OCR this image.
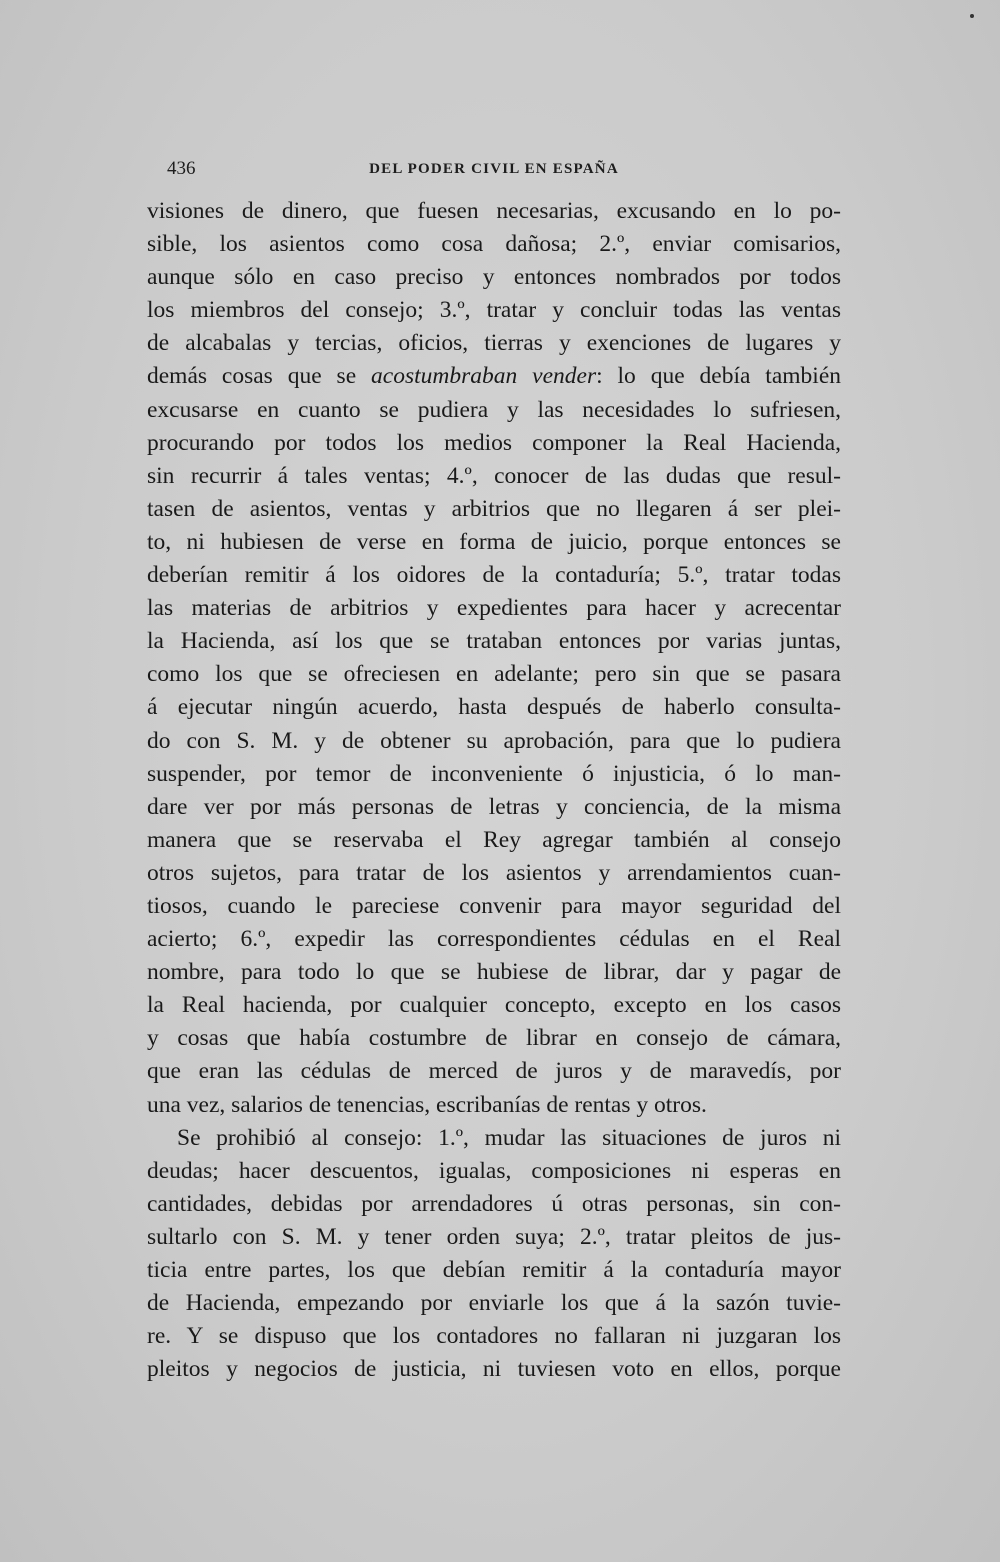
436	DEL PODER CIVIL EN ESPAÑA
visiones de dinero, que fuesen necesarias, excusando en lo po-
sible, los asientos como cosa dañosa; 2.º, enviar comisarios,
aunque sólo en caso preciso y entonces nombrados por todos
los miembros del consejo; 3.º, tratar y concluir todas las ventas
de alcabalas y tercias, oficios, tierras y exenciones de lugares y
demás cosas que se acostumbraban vender: lo que debía también
excusarse en cuanto se pudiera y las necesidades lo sufriesen,
procurando por todos los medios componer la Real Hacienda,
sin recurrir á tales ventas; 4.º, conocer de las dudas que resul-
tasen de asientos, ventas y arbitrios que no llegaren á ser plei-
to, ni hubiesen de verse en forma de juicio, porque entonces se
deberían remitir á los oidores de la contaduría; 5.º, tratar todas
las materias de arbitrios y expedientes para hacer y acrecentar
la Hacienda, así los que se trataban entonces por varias juntas,
como los que se ofreciesen en adelante; pero sin que se pasara
á ejecutar ningún acuerdo, hasta después de haberlo consulta-
do con S. M. y de obtener su aprobación, para que lo pudiera
suspender, por temor de inconveniente ó injusticia, ó lo man-
dare ver por más personas de letras y conciencia, de la misma
manera que se reservaba el Rey agregar también al consejo
otros sujetos, para tratar de los asientos y arrendamientos cuan-
tiosos, cuando le pareciese convenir para mayor seguridad del
acierto; 6.º, expedir las correspondientes cédulas en el Real
nombre, para todo lo que se hubiese de librar, dar y pagar de
la Real hacienda, por cualquier concepto, excepto en los casos
y cosas que había costumbre de librar en consejo de cámara,
que eran las cédulas de merced de juros y de maravedís, por
una vez, salarios de tenencias, escribanías de rentas y otros.
Se prohibió al consejo: 1.º, mudar las situaciones de juros ni
deudas; hacer descuentos, igualas, composiciones ni esperas en
cantidades, debidas por arrendadores ú otras personas, sin con-
sultarlo con S. M. y tener orden suya; 2.º, tratar pleitos de jus-
ticia entre partes, los que debían remitir á la contaduría mayor
de Hacienda, empezando por enviarle los que á la sazón tuvie-
re. Y se dispuso que los contadores no fallaran ni juzgaran los
pleitos y negocios de justicia, ni tuviesen voto en ellos, porque
